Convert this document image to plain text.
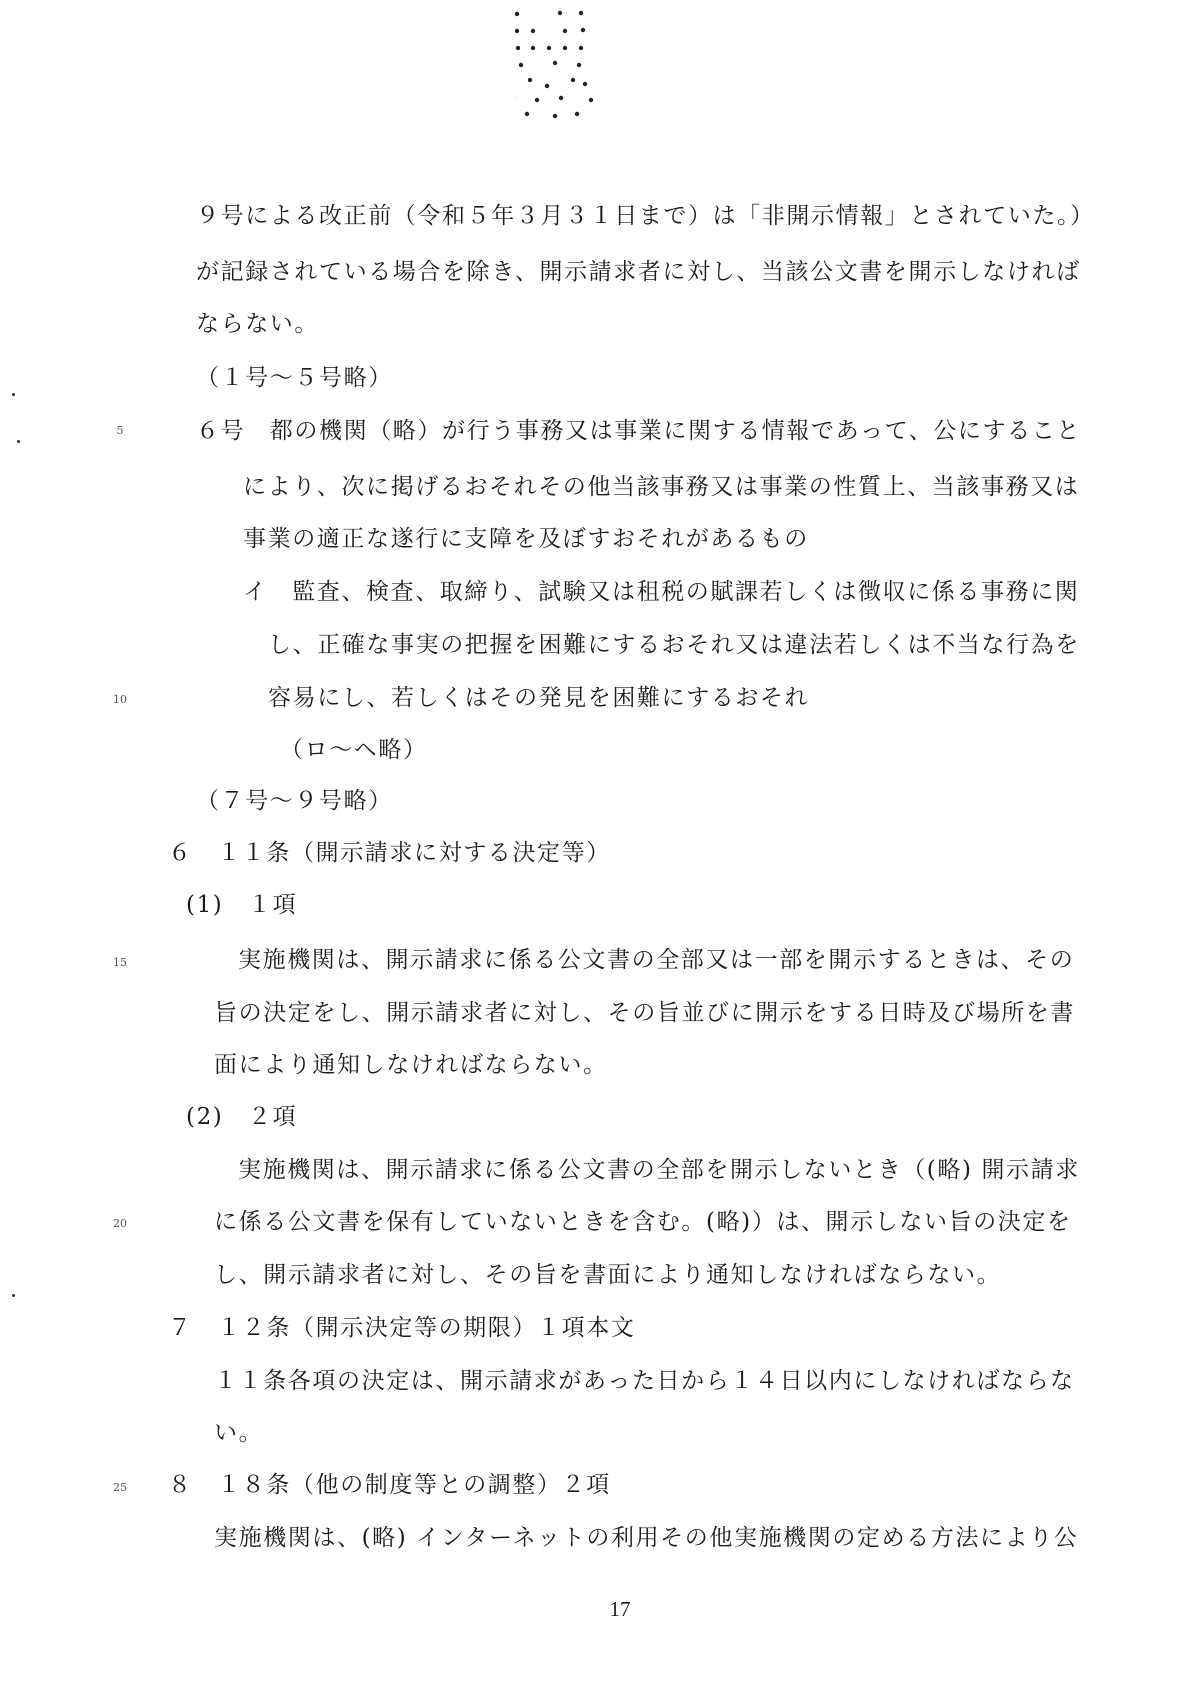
９号による改正前（令和５年３月３１日まで）は「非開示情報」とされていた。）
が記録されている場合を除き、開示請求者に対し、当該公文書を開示しなければ
ならない。
（１号～５号略）
６号　都の機関（略）が行う事務又は事業に関する情報であって、公にすること
により、次に掲げるおそれその他当該事務又は事業の性質上、当該事務又は
事業の適正な遂行に支障を及ぼすおそれがあるもの
イ　監査、検査、取締り、試験又は租税の賦課若しくは徴収に係る事務に関
し、正確な事実の把握を困難にするおそれ又は違法若しくは不当な行為を
容易にし、若しくはその発見を困難にするおそれ
（ロ～ヘ略）
（７号～９号略）
６　１１条（開示請求に対する決定等）
(1)　１項
実施機関は、開示請求に係る公文書の全部又は一部を開示するときは、その
旨の決定をし、開示請求者に対し、その旨並びに開示をする日時及び場所を書
面により通知しなければならない。
(2)　２項
実施機関は、開示請求に係る公文書の全部を開示しないとき（(略) 開示請求
に係る公文書を保有していないときを含む。(略)）は、開示しない旨の決定を
し、開示請求者に対し、その旨を書面により通知しなければならない。
７　１２条（開示決定等の期限）１項本文
１１条各項の決定は、開示請求があった日から１４日以内にしなければならな
い。
８　１８条（他の制度等との調整）２項
実施機関は、(略) インターネットの利用その他実施機関の定める方法により公
5
10
15
20
25
17
